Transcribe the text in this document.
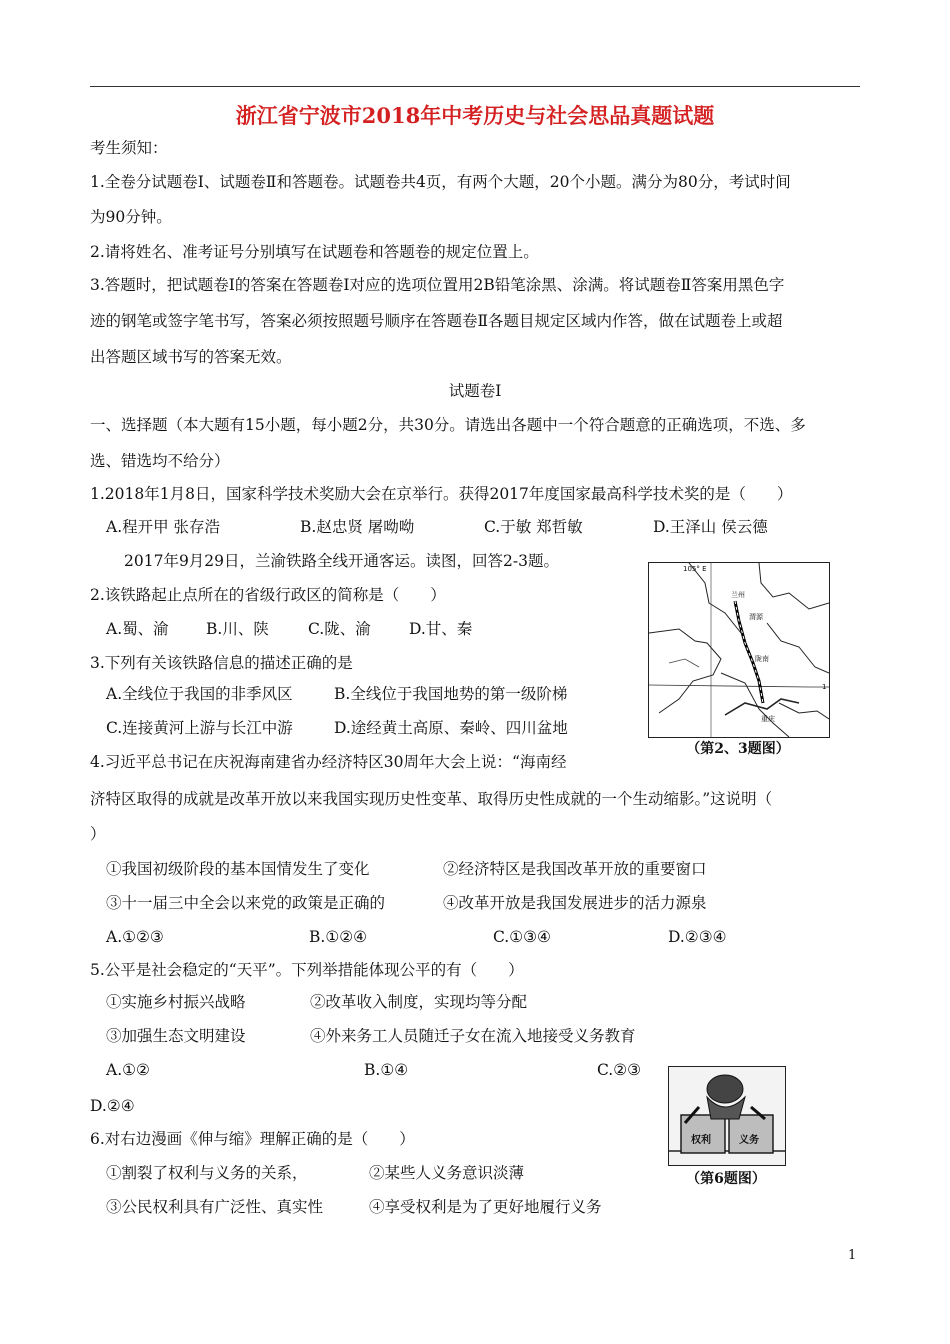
浙江省宁波市2018年中考历史与社会思品真题试题
考生须知：
1.全卷分试题卷I、试题卷Ⅱ和答题卷。试题卷共4页，有两个大题，20个小题。满分为80分，考试时间
为90分钟。
2.请将姓名、准考证号分别填写在试题卷和答题卷的规定位置上。
3.答题时，把试题卷I的答案在答题卷I对应的选项位置用2B铅笔涂黑、涂满。将试题卷Ⅱ答案用黑色字
迹的钢笔或签字笔书写，答案必须按照题号顺序在答题卷Ⅱ各题目规定区域内作答，做在试题卷上或超
出答题区域书写的答案无效。
试题卷I
一、选择题（本大题有15小题，每小题2分，共30分。请选出各题中一个符合题意的正确选项，不选、多
选、错选均不给分）
1.2018年1月8日，国家科学技术奖励大会在京举行。获得2017年度国家最高科学技术奖的是（　　）
A.程开甲 张存浩	B.赵忠贤 屠呦呦	C.于敏 郑哲敏	D.王泽山 侯云德
2017年9月29日，兰渝铁路全线开通客运。读图，回答2-3题。
2.该铁路起止点所在的省级行政区的简称是（　　）
A.蜀、渝 B.川、陕	C.陇、渝 D.甘、秦
3.下列有关该铁路信息的描述正确的是
A.全线位于我国的非季风区	B.全线位于我国地势的第一级阶梯
C.连接黄河上游与长江中游	D.途经黄土高原、秦岭、四川盆地
105° E
兰州
渭源
陇南
重庆
1
（第2、3题图）
4.习近平总书记在庆祝海南建省办经济特区30周年大会上说：“海南经
济特区取得的成就是改革开放以来我国实现历史性变革、取得历史性成就的一个生动缩影。”这说明（
）
①我国初级阶段的基本国情发生了变化	②经济特区是我国改革开放的重要窗口
③十一届三中全会以来党的政策是正确的	④改革开放是我国发展进步的活力源泉
A.①②③	B.①②④	C.①③④	D.②③④
5.公平是社会稳定的“天平”。下列举措能体现公平的有（　　）
①实施乡村振兴战略	②改革收入制度，实现均等分配
③加强生态文明建设	④外来务工人员随迁子女在流入地接受义务教育
A.①②	B.①④	C.②③
D.②④
权利	义务
（第6题图）
6.对右边漫画《伸与缩》理解正确的是（　　）
①割裂了权利与义务的关系，	②某些人义务意识淡薄
③公民权利具有广泛性、真实性	④享受权利是为了更好地履行义务
1
